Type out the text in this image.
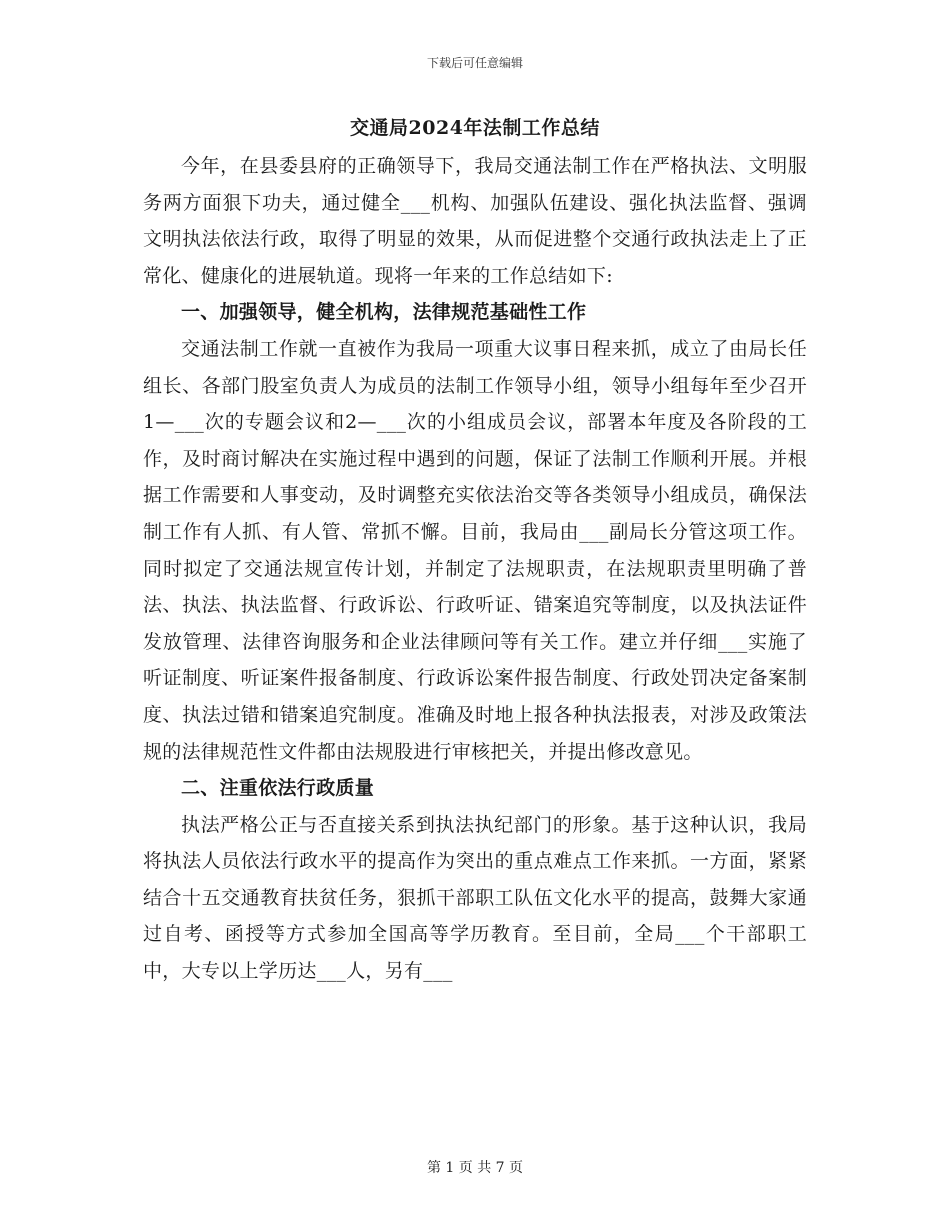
下载后可任意编辑
交通局2024年法制工作总结

今年，在县委县府的正确领导下，我局交通法制工作在严格执法、文明服务两方面狠下功夫，通过健全___机构、加强队伍建设、强化执法监督、强调文明执法依法行政，取得了明显的效果，从而促进整个交通行政执法走上了正常化、健康化的进展轨道。现将一年来的工作总结如下:

一、加强领导，健全机构，法律规范基础性工作

交通法制工作就一直被作为我局一项重大议事日程来抓，成立了由局长任组长、各部门股室负责人为成员的法制工作领导小组，领导小组每年至少召开1—___次的专题会议和2—___次的小组成员会议，部署本年度及各阶段的工作，及时商讨解决在实施过程中遇到的问题，保证了法制工作顺利开展。并根据工作需要和人事变动，及时调整充实依法治交等各类领导小组成员，确保法制工作有人抓、有人管、常抓不懈。目前，我局由___副局长分管这项工作。同时拟定了交通法规宣传计划，并制定了法规职责，在法规职责里明确了普法、执法、执法监督、行政诉讼、行政听证、错案追究等制度，以及执法证件发放管理、法律咨询服务和企业法律顾问等有关工作。建立并仔细___实施了听证制度、听证案件报备制度、行政诉讼案件报告制度、行政处罚决定备案制度、执法过错和错案追究制度。准确及时地上报各种执法报表，对涉及政策法规的法律规范性文件都由法规股进行审核把关，并提出修改意见。

二、注重依法行政质量

执法严格公正与否直接关系到执法执纪部门的形象。基于这种认识，我局将执法人员依法行政水平的提高作为突出的重点难点工作来抓。一方面，紧紧结合十五交通教育扶贫任务，狠抓干部职工队伍文化水平的提高，鼓舞大家通过自考、函授等方式参加全国高等学历教育。至目前，全局___个干部职工中，大专以上学历达___人，另有___

第 1 页 共 7 页
